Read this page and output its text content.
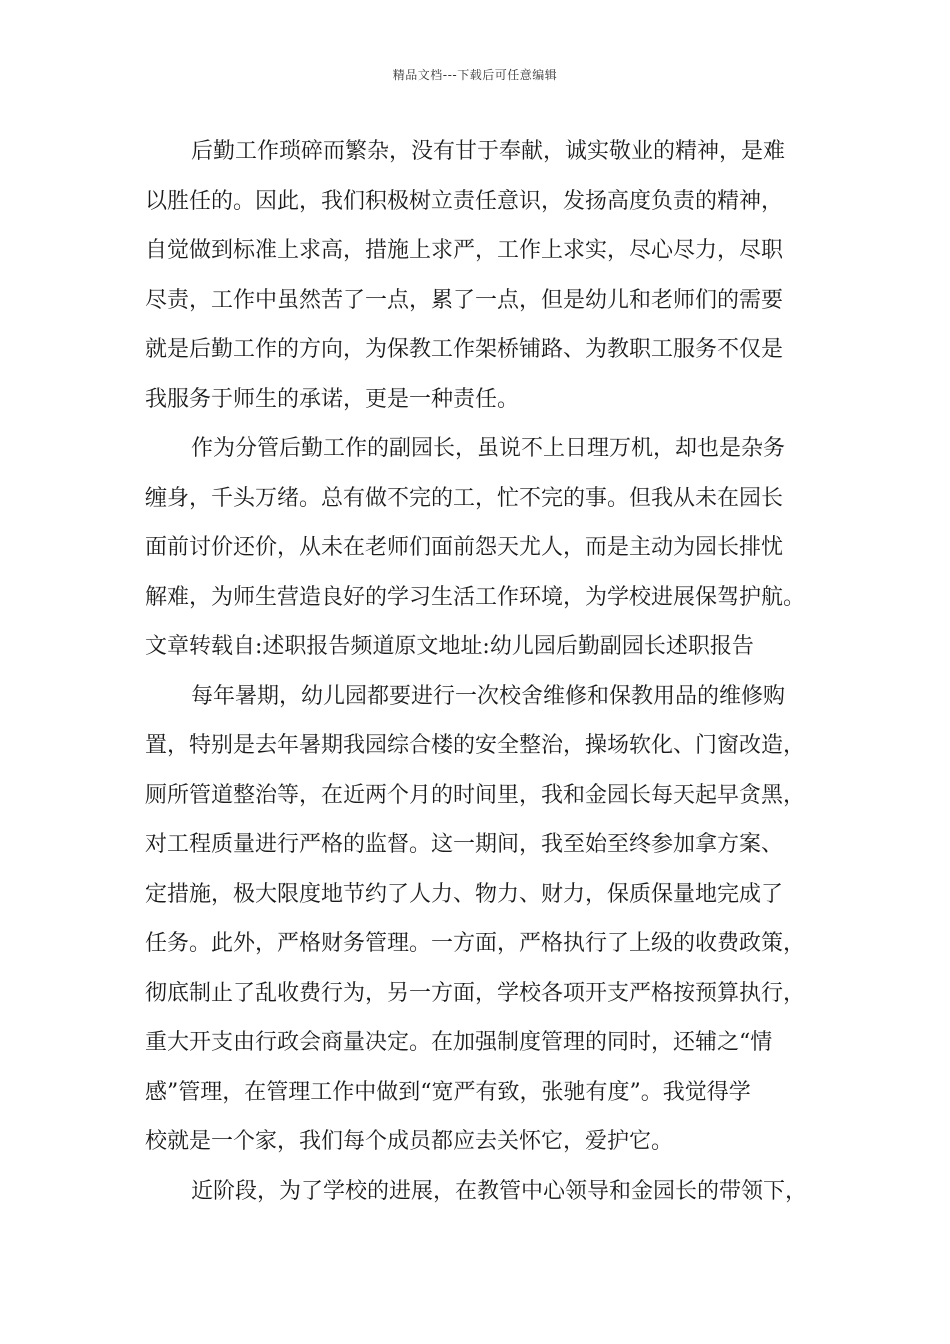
精品文档---下载后可任意编辑
后勤工作琐碎而繁杂，没有甘于奉献，诚实敬业的精神，是难
以胜任的。因此，我们积极树立责任意识，发扬高度负责的精神，
自觉做到标准上求高，措施上求严，工作上求实，尽心尽力，尽职
尽责，工作中虽然苦了一点，累了一点，但是幼儿和老师们的需要
就是后勤工作的方向，为保教工作架桥铺路、为教职工服务不仅是
我服务于师生的承诺，更是一种责任。
作为分管后勤工作的副园长，虽说不上日理万机，却也是杂务
缠身，千头万绪。总有做不完的工，忙不完的事。但我从未在园长
面前讨价还价，从未在老师们面前怨天尤人，而是主动为园长排忧
解难，为师生营造良好的学习生活工作环境，为学校进展保驾护航。
文章转载自:述职报告频道原文地址:幼儿园后勤副园长述职报告
每年暑期，幼儿园都要进行一次校舍维修和保教用品的维修购
置，特别是去年暑期我园综合楼的安全整治，操场软化、门窗改造，
厕所管道整治等，在近两个月的时间里，我和金园长每天起早贪黑，
对工程质量进行严格的监督。这一期间，我至始至终参加拿方案、
定措施，极大限度地节约了人力、物力、财力，保质保量地完成了
任务。此外，严格财务管理。一方面，严格执行了上级的收费政策，
彻底制止了乱收费行为，另一方面，学校各项开支严格按预算执行，
重大开支由行政会商量决定。在加强制度管理的同时，还辅之“情
感”管理，在管理工作中做到“宽严有致，张驰有度”。我觉得学
校就是一个家，我们每个成员都应去关怀它，爱护它。
近阶段，为了学校的进展，在教管中心领导和金园长的带领下，
